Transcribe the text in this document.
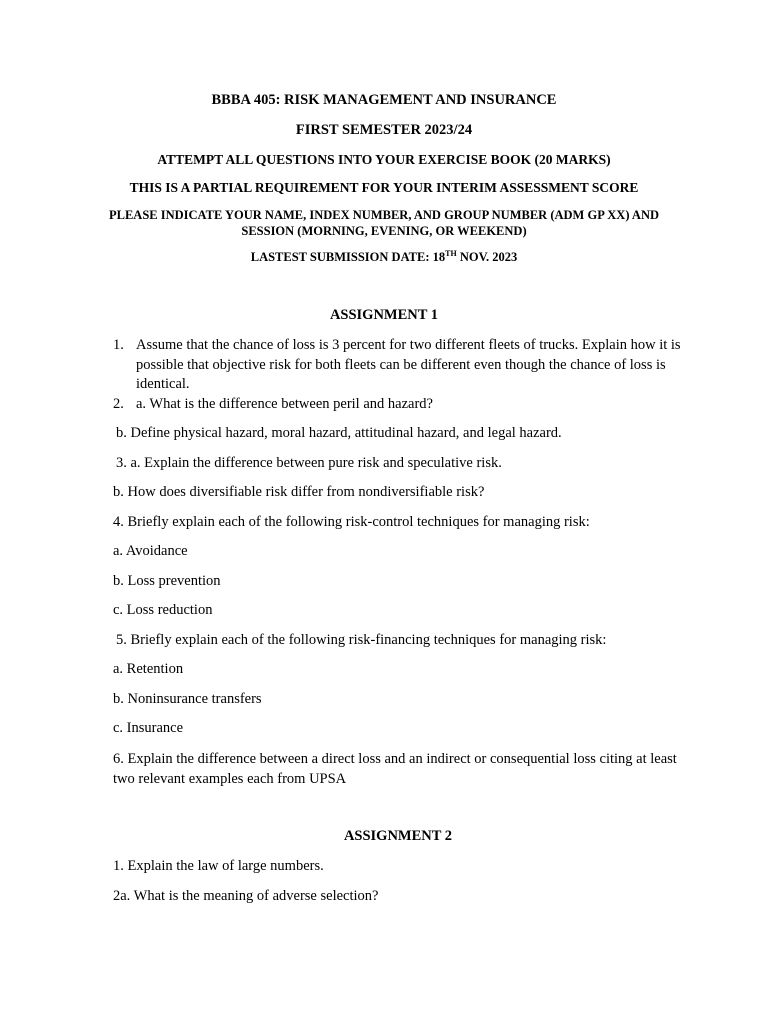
BBBA 405: RISK MANAGEMENT AND INSURANCE
FIRST SEMESTER 2023/24
ATTEMPT ALL QUESTIONS INTO YOUR EXERCISE BOOK (20 MARKS)
THIS IS A PARTIAL REQUIREMENT FOR YOUR INTERIM ASSESSMENT SCORE
PLEASE INDICATE YOUR NAME, INDEX NUMBER, AND GROUP NUMBER (ADM GP XX) AND SESSION (MORNING, EVENING, OR WEEKEND)
LASTEST SUBMISSION DATE: 18TH NOV. 2023
ASSIGNMENT 1
1. Assume that the chance of loss is 3 percent for two different fleets of trucks. Explain how it is possible that objective risk for both fleets can be different even though the chance of loss is identical.
2. a. What is the difference between peril and hazard?
b. Define physical hazard, moral hazard, attitudinal hazard, and legal hazard.
3. a. Explain the difference between pure risk and speculative risk.
b. How does diversifiable risk differ from nondiversifiable risk?
4. Briefly explain each of the following risk-control techniques for managing risk:
a. Avoidance
b. Loss prevention
c. Loss reduction
5. Briefly explain each of the following risk-financing techniques for managing risk:
a. Retention
b. Noninsurance transfers
c. Insurance
6. Explain the difference between a direct loss and an indirect or consequential loss citing at least two relevant examples each from UPSA
ASSIGNMENT 2
1. Explain the law of large numbers.
2a. What is the meaning of adverse selection?
